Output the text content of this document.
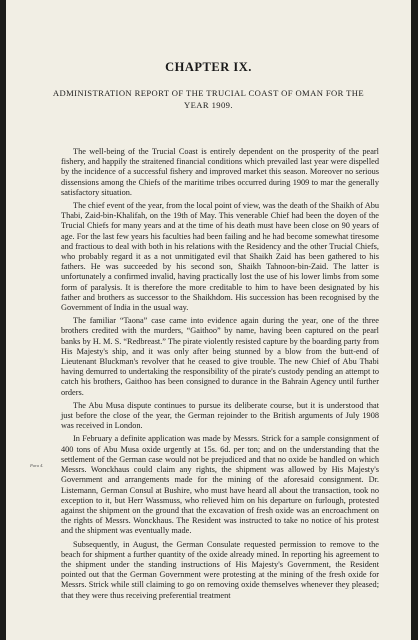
CHAPTER IX.
ADMINISTRATION REPORT OF THE TRUCIAL COAST OF OMAN FOR THE YEAR 1909.
Para 4.

The well-being of the Trucial Coast is entirely dependent on the prosperity of the pearl fishery, and happily the straitened financial conditions which prevailed last year were dispelled by the incidence of a successful fishery and improved market this season. Moreover no serious dissensions among the Chiefs of the maritime tribes occurred during 1909 to mar the generally satisfactory situation.

The chief event of the year, from the local point of view, was the death of the Shaikh of Abu Thabi, Zaid-bin-Khalifah, on the 19th of May. This venerable Chief had been the doyen of the Trucial Chiefs for many years and at the time of his death must have been close on 90 years of age. For the last few years his faculties had been failing and he had become somewhat tiresome and fractious to deal with both in his relations with the Residency and the other Trucial Chiefs, who probably regard it as a not unmitigated evil that Shaikh Zaid has been gathered to his fathers. He was succeeded by his second son, Shaikh Tahnoon-bin-Zaid. The latter is unfortunately a confirmed invalid, having practically lost the use of his lower limbs from some form of paralysis. It is therefore the more creditable to him to have been designated by his father and brothers as successor to the Shaikhdom. His succession has been recognised by the Government of India in the usual way.

The familiar “Taona” case came into evidence again during the year, one of the three brothers credited with the murders, “Gaithoo” by name, having been captured on the pearl banks by H. M. S. “Redbreast.” The pirate violently resisted capture by the boarding party from His Majesty's ship, and it was only after being stunned by a blow from the butt-end of Lieutenant Bluckman's revolver that he ceased to give trouble. The new Chief of Abu Thabi having demurred to undertaking the responsibility of the pirate's custody pending an attempt to catch his brothers, Gaithoo has been consigned to durance in the Bahrain Agency until further orders.

The Abu Musa dispute continues to pursue its deliberate course, but it is understood that just before the close of the year, the German rejoinder to the British arguments of July 1908 was received in London.

In February a definite application was made by Messrs. Strick for a sample consignment of 400 tons of Abu Musa oxide urgently at 15s. 6d. per ton; and on the understanding that the settlement of the German case would not be prejudiced and that no oxide be handled on which Messrs. Wonckhaus could claim any rights, the shipment was allowed by His Majesty's Government and arrangements made for the mining of the aforesaid consignment. Dr. Listemann, German Consul at Bushire, who must have heard all about the transaction, took no exception to it, but Herr Wassmuss, who relieved him on his departure on furlough, protested against the shipment on the ground that the excavation of fresh oxide was an encroachment on the rights of Messrs. Wonckhaus. The Resident was instructed to take no notice of his protest and the shipment was eventually made.

Subsequently, in August, the German Consulate requested permission to remove to the beach for shipment a further quantity of the oxide already mined. In reporting his agreement to the shipment under the standing instructions of His Majesty's Government, the Resident pointed out that the German Government were protesting at the mining of the fresh oxide for Messrs. Strick while still claiming to go on removing oxide themselves whenever they pleased; that they were thus receiving preferential treatment
